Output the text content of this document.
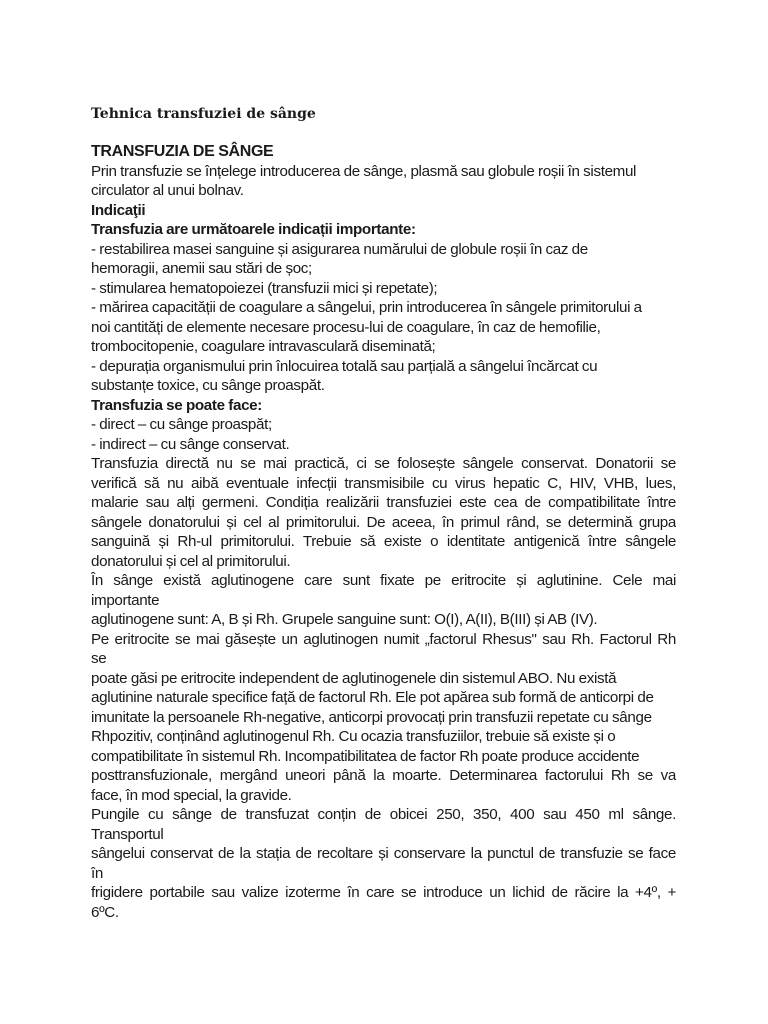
Tehnica transfuziei de sânge
TRANSFUZIA DE SÂNGE
Prin transfuzie se înțelege introducerea de sânge, plasmă sau globule roșii în sistemul
circulator al unui bolnav.
Indicaţii
Transfuzia are următoarele indicații importante:
- restabilirea masei sanguine și asigurarea numărului de globule roșii în caz de
hemoragii, anemii sau stări de șoc;
- stimularea hematopoiezei (transfuzii mici și repetate);
- mărirea capacității de coagulare a sângelui, prin introducerea în sângele primitorului a
noi cantități de elemente necesare procesu-lui de coagulare, în caz de hemofilie,
trombocitopenie, coagulare intravasculară diseminată;
- depurația organismului prin înlocuirea totală sau parțială a sângelui încărcat cu
substanțe toxice, cu sânge proaspăt.
Transfuzia se poate face:
- direct – cu sânge proaspăt;
- indirect – cu sânge conservat.
Transfuzia directă nu se mai practică, ci se folosește sângele conservat. Donatorii se
verifică să nu aibă eventuale infecții transmisibile cu virus hepatic C, HIV, VHB, lues,
malarie sau alți germeni. Condiția realizării transfuziei este cea de compatibilitate între
sângele donatorului și cel al primitorului. De aceea, în primul rând, se determină grupa
sanguină și Rh-ul primitorului. Trebuie să existe o identitate antigenică între sângele
donatorului și cel al primitorului.
În sânge există aglutinogene care sunt fixate pe eritrocite și aglutinine. Cele mai
importante
aglutinogene sunt: A, B și Rh. Grupele sanguine sunt: O(I), A(II), B(III) și AB (IV).
Pe eritrocite se mai găsește un aglutinogen numit „factorul Rhesus" sau Rh. Factorul Rh
se
poate găsi pe eritrocite independent de aglutinogenele din sistemul ABO. Nu există
aglutinine naturale specifice față de factorul Rh. Ele pot apărea sub formă de anticorpi de
imunitate la persoanele Rh-negative, anticorpi provocați prin transfuzii repetate cu sânge
Rhpozitiv, conținând aglutinogenul Rh. Cu ocazia transfuziilor, trebuie să existe și o
compatibilitate în sistemul Rh. Incompatibilitatea de factor Rh poate produce accidente
posttransfuzionale, mergând uneori până la moarte. Determinarea factorului Rh se va
face, în mod special, la gravide.
Pungile cu sânge de transfuzat conțin de obicei 250, 350, 400 sau 450 ml sânge.
Transportul
sângelui conservat de la stația de recoltare și conservare la punctul de transfuzie se face
în
frigidere portabile sau valize izoterme în care se introduce un lichid de răcire la +4º, +
6ºC.
